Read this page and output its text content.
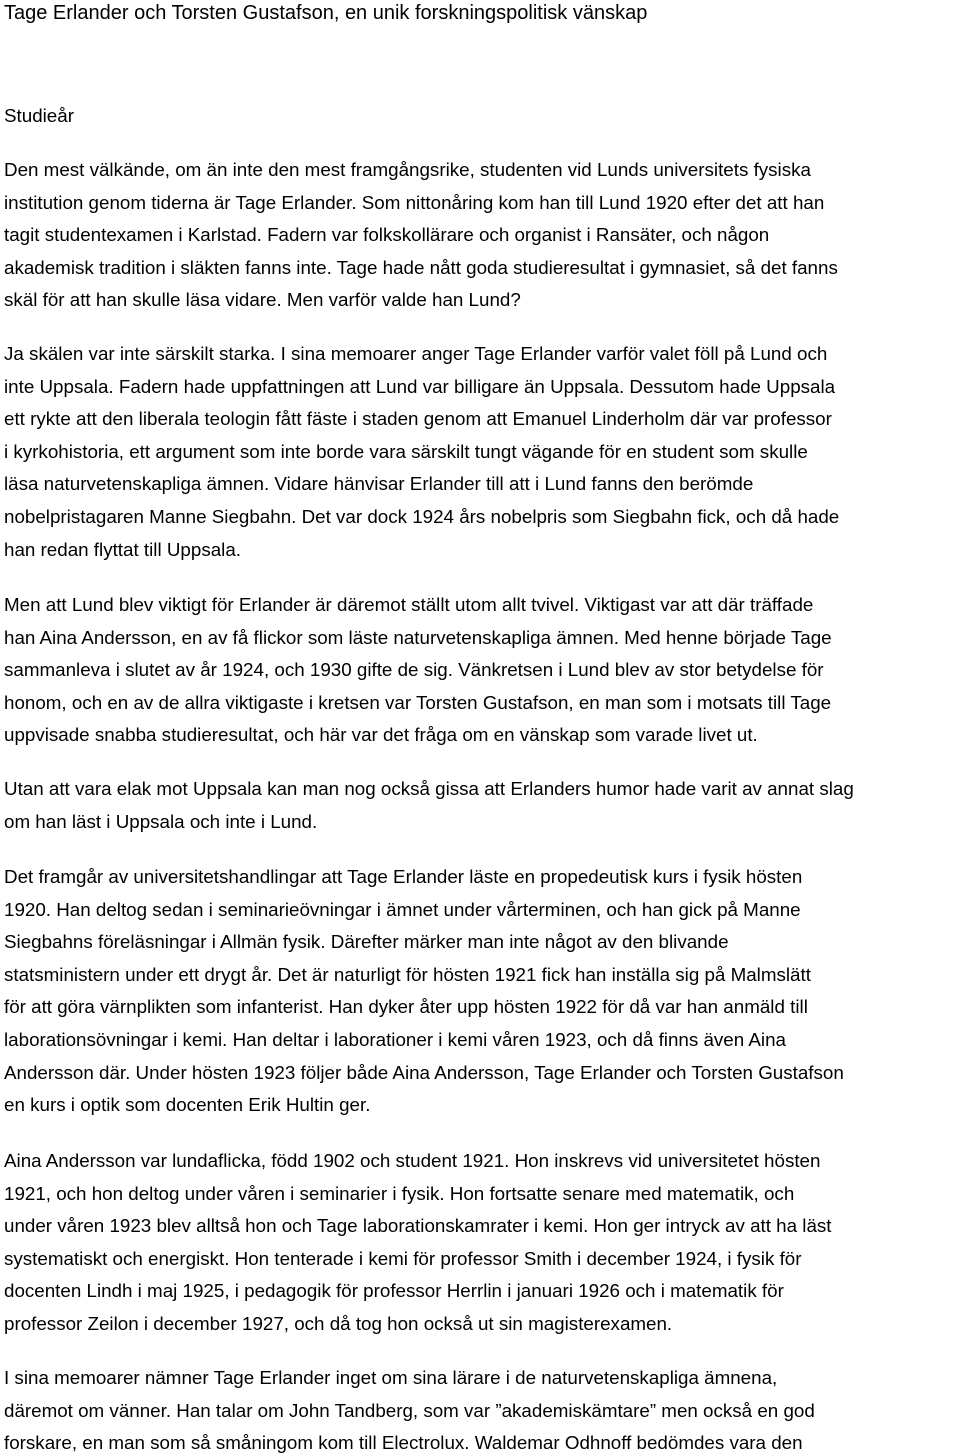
Tage Erlander och Torsten Gustafson, en unik forskningspolitisk vänskap
Studieår
Den mest välkände, om än inte den mest framgångsrike, studenten vid Lunds universitets fysiska
institution genom tiderna är Tage Erlander. Som nittonåring kom han till Lund 1920 efter det att han
tagit studentexamen i Karlstad. Fadern var folkskollärare och organist i Ransäter, och någon
akademisk tradition i släkten fanns inte. Tage hade nått goda studieresultat i gymnasiet, så det fanns
skäl för att han skulle läsa vidare. Men varför valde han Lund?
Ja skälen var inte särskilt starka. I sina memoarer anger Tage Erlander varför valet föll på Lund och
inte Uppsala. Fadern hade uppfattningen att Lund var billigare än Uppsala. Dessutom hade Uppsala
ett rykte att den liberala teologin fått fäste i staden genom att Emanuel Linderholm där var professor
i kyrkohistoria, ett argument som inte borde vara särskilt tungt vägande för en student som skulle
läsa naturvetenskapliga ämnen. Vidare hänvisar Erlander till att i Lund fanns den berömde
nobelpristagaren Manne Siegbahn. Det var dock 1924 års nobelpris som Siegbahn fick, och då hade
han redan flyttat till Uppsala.
Men att Lund blev viktigt för Erlander är däremot ställt utom allt tvivel. Viktigast var att där träffade
han Aina Andersson, en av få flickor som läste naturvetenskapliga ämnen. Med henne började Tage
sammanleva i slutet av år 1924, och 1930 gifte de sig. Vänkretsen i Lund blev av stor betydelse för
honom, och en av de allra viktigaste i kretsen var Torsten Gustafson, en man som i motsats till Tage
uppvisade snabba studieresultat, och här var det fråga om en vänskap som varade livet ut.
Utan att vara elak mot Uppsala kan man nog också gissa att Erlanders humor hade varit av annat slag
om han läst i Uppsala och inte i Lund.
Det framgår av universitetshandlingar att Tage Erlander läste en propedeutisk kurs i fysik hösten
1920. Han deltog sedan i seminarieövningar i ämnet under vårterminen, och han gick på Manne
Siegbahns föreläsningar i Allmän fysik. Därefter märker man inte något av den blivande
statsministern under ett drygt år. Det är naturligt för hösten 1921 fick han inställa sig på Malmslätt
för att göra värnplikten som infanterist. Han dyker åter upp hösten 1922 för då var han anmäld till
laborationsövningar i kemi. Han deltar i laborationer i kemi våren 1923, och då finns även Aina
Andersson där. Under hösten 1923 följer både Aina Andersson, Tage Erlander och Torsten Gustafson
en kurs i optik som docenten Erik Hultin ger.
Aina Andersson var lundaflicka, född 1902 och student 1921. Hon inskrevs vid universitetet hösten
1921, och hon deltog under våren i seminarier i fysik. Hon fortsatte senare med matematik, och
under våren 1923 blev alltså hon och Tage laborationskamrater i kemi. Hon ger intryck av att ha läst
systematiskt och energiskt. Hon tenterade i kemi för professor Smith i december 1924, i fysik för
docenten Lindh i maj 1925, i pedagogik för professor Herrlin i januari 1926 och i matematik för
professor Zeilon i december 1927, och då tog hon också ut sin magisterexamen.
I sina memoarer nämner Tage Erlander inget om sina lärare i de naturvetenskapliga ämnena,
däremot om vänner. Han talar om John Tandberg, som var ”akademiskämtare” men också en god
forskare, en man som så småningom kom till Electrolux. Waldemar Odhnoff bedömdes vara den
